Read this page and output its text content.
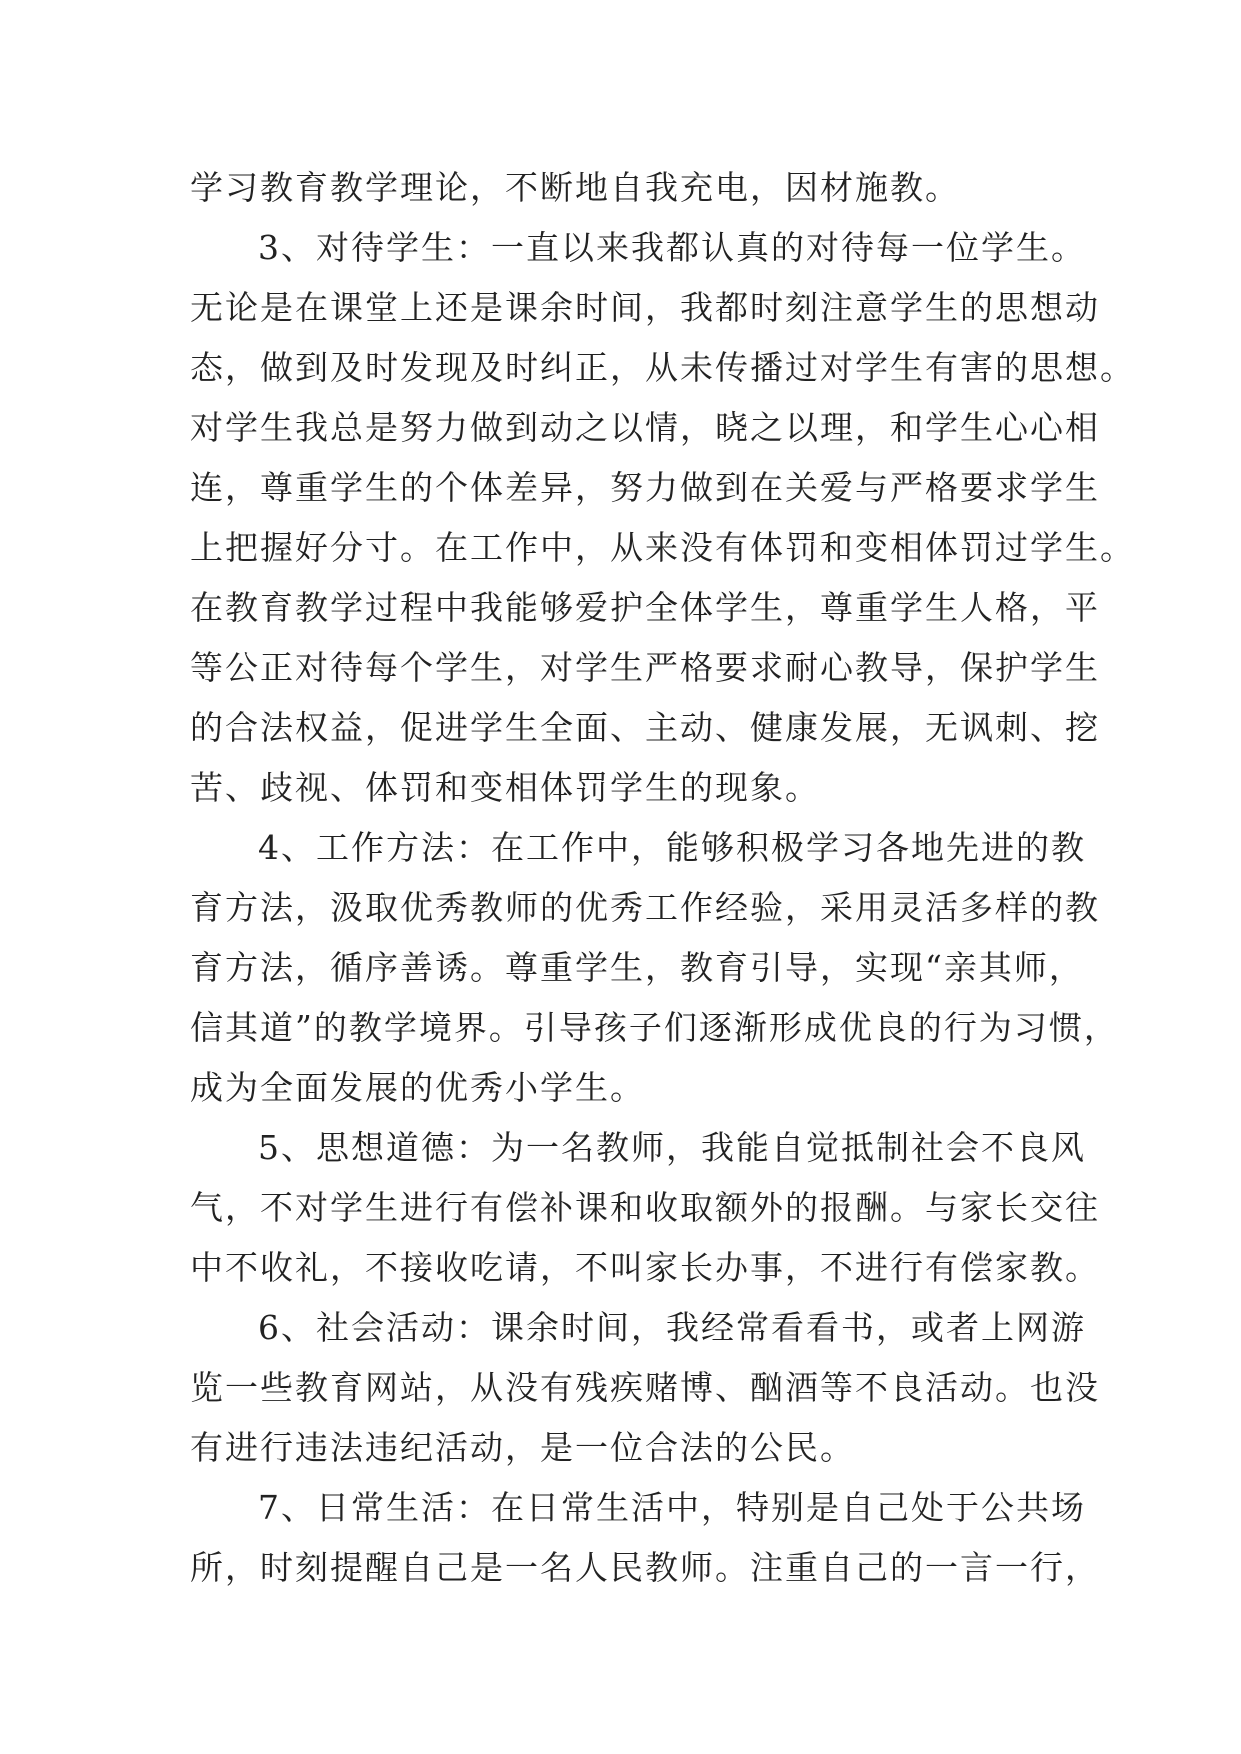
学习教育教学理论，不断地自我充电，因材施教。
3、对待学生：一直以来我都认真的对待每一位学生。
无论是在课堂上还是课余时间，我都时刻注意学生的思想动
态，做到及时发现及时纠正，从未传播过对学生有害的思想。
对学生我总是努力做到动之以情，晓之以理，和学生心心相
连，尊重学生的个体差异，努力做到在关爱与严格要求学生
上把握好分寸。在工作中，从来没有体罚和变相体罚过学生。
在教育教学过程中我能够爱护全体学生，尊重学生人格，平
等公正对待每个学生，对学生严格要求耐心教导，保护学生
的合法权益，促进学生全面、主动、健康发展，无讽刺、挖
苦、歧视、体罚和变相体罚学生的现象。
4、工作方法：在工作中，能够积极学习各地先进的教
育方法，汲取优秀教师的优秀工作经验，采用灵活多样的教
育方法，循序善诱。尊重学生，教育引导，实现“亲其师，
信其道”的教学境界。引导孩子们逐渐形成优良的行为习惯，
成为全面发展的优秀小学生。
5、思想道德：为一名教师，我能自觉抵制社会不良风
气，不对学生进行有偿补课和收取额外的报酬。与家长交往
中不收礼，不接收吃请，不叫家长办事，不进行有偿家教。
6、社会活动：课余时间，我经常看看书，或者上网游
览一些教育网站，从没有残疾赌博、酗酒等不良活动。也没
有进行违法违纪活动，是一位合法的公民。
7、日常生活：在日常生活中，特别是自己处于公共场
所，时刻提醒自己是一名人民教师。注重自己的一言一行，
